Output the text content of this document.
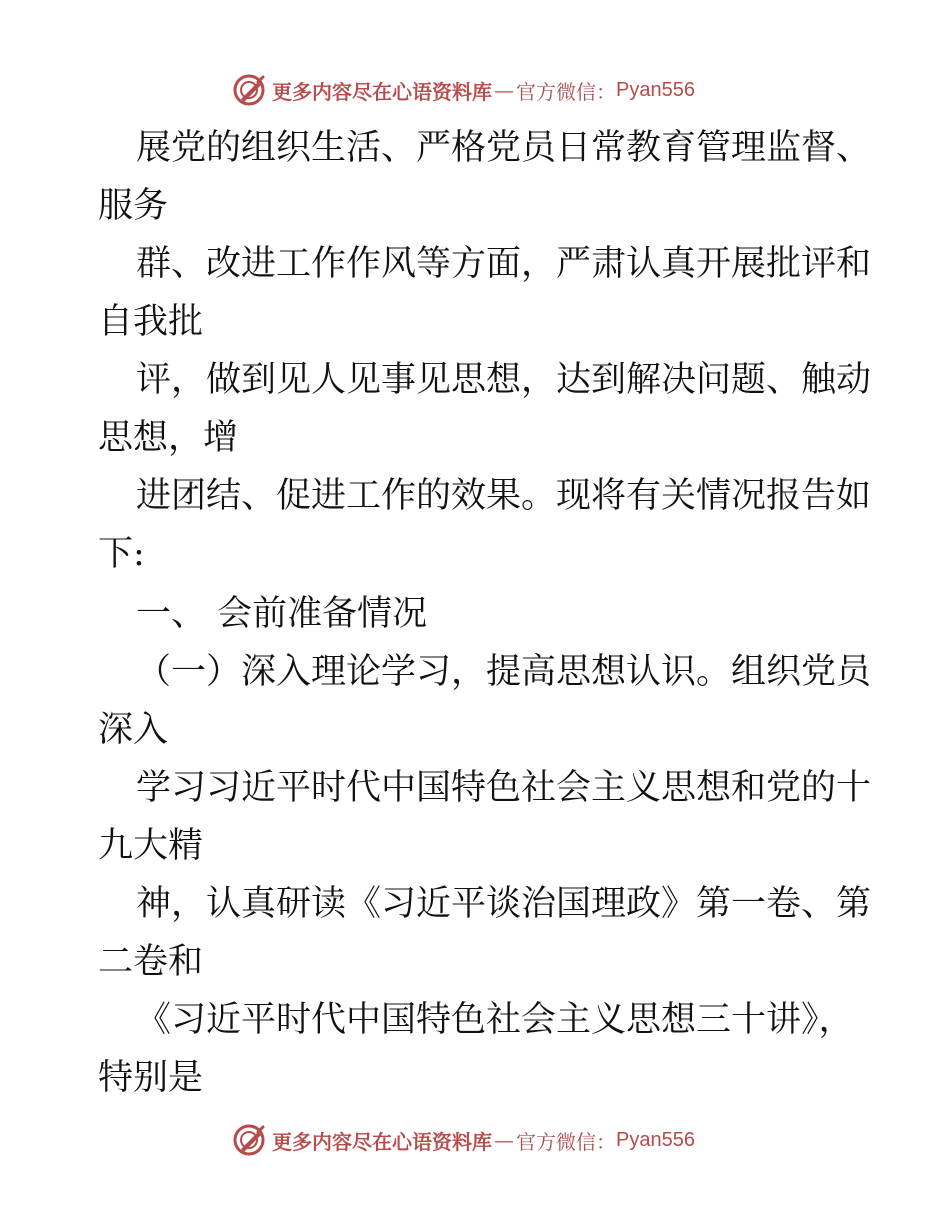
更多内容尽在心语资料库 — 官方微信： Pyan556
展党的组织生活、严格党员日常教育管理监督、
服务
群、改进工作作风等方面，严肃认真开展批评和
自我批
评，做到见人见事见思想，达到解决问题、触动
思想，增
进团结、促进工作的效果。现将有关情况报告如
下:
一、 会前准备情况
（一）深入理论学习，提高思想认识。组织党员
深入
学习习近平时代中国特色社会主义思想和党的十
九大精
神，认真研读《习近平谈治国理政》第一卷、第
二卷和
《习近平时代中国特色社会主义思想三十讲》，
特别是
更多内容尽在心语资料库 — 官方微信： Pyan556
